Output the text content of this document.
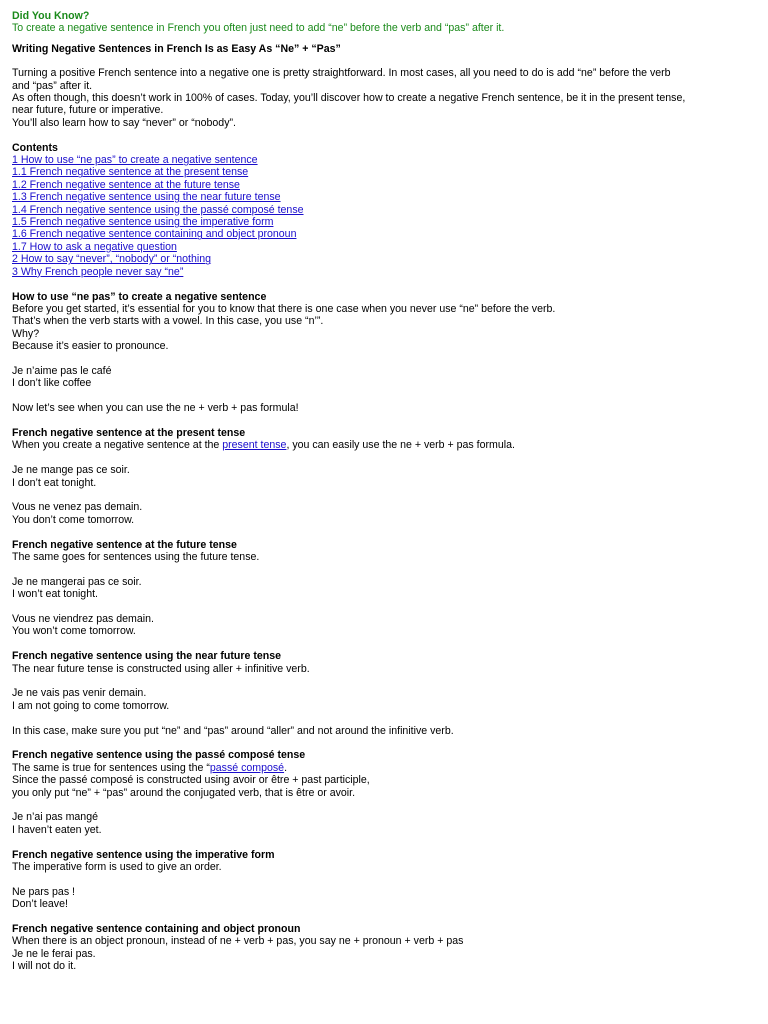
Did You Know?

To create a negative sentence in French you often just need to add “ne” before the verb and “pas” after it.

Writing Negative Sentences in French Is as Easy As “Ne” + “Pas”

Turning a positive French sentence into a negative one is pretty straightforward. In most cases, all you need to do is add “ne” before the verb

and “pas” after it.

As often though, this doesn’t work in 100% of cases. Today, you’ll discover how to create a negative French sentence, be it in the present tense,

near future, future or imperative.

You’ll also learn how to say “never” or “nobody”.

Contents

1 How to use “ne pas” to create a negative sentence
1.1 French negative sentence at the present tense
1.2 French negative sentence at the future tense
1.3 French negative sentence using the near future tense
1.4 French negative sentence using the passé composé tense
1.5 French negative sentence using the imperative form
1.6 French negative sentence containing and object pronoun
1.7 How to ask a negative question
2 How to say “never”, “nobody” or “nothing
3 Why French people never say “ne”

How to use “ne pas” to create a negative sentence

Before you get started, it’s essential for you to know that there is one case when you never use “ne” before the verb.

That’s when the verb starts with a vowel. In this case, you use “n’”.

Why?

Because it’s easier to pronounce.

Je n’aime pas le café

I don’t like coffee

Now let’s see when you can use the ne + verb + pas formula!

French negative sentence at the present tense

When you create a negative sentence at the present tense, you can easily use the ne + verb + pas formula.

Je ne mange pas ce soir.

I don’t eat tonight.

Vous ne venez pas demain.

You don’t come tomorrow.

French negative sentence at the future tense

The same goes for sentences using the future tense.

Je ne mangerai pas ce soir.

I won’t eat tonight.

Vous ne viendrez pas demain.

You won’t come tomorrow.

French negative sentence using the near future tense

The near future tense is constructed using aller + infinitive verb.

Je ne vais pas venir demain.

I am not going to come tomorrow.

In this case, make sure you put “ne” and “pas” around “aller” and not around the infinitive verb.

French negative sentence using the passé composé tense

The same is true for sentences using the “passé composé.

Since the passé composé is constructed using avoir or être + past participle,

you only put “ne” + “pas” around the conjugated verb, that is être or avoir.

Je n’ai pas mangé

I haven’t eaten yet.

French negative sentence using the imperative form

The imperative form is used to give an order.

Ne pars pas !

Don’t leave!

French negative sentence containing and object pronoun

When there is an object pronoun, instead of ne + verb + pas, you say ne + pronoun + verb + pas

Je ne le ferai pas.

I will not do it.
